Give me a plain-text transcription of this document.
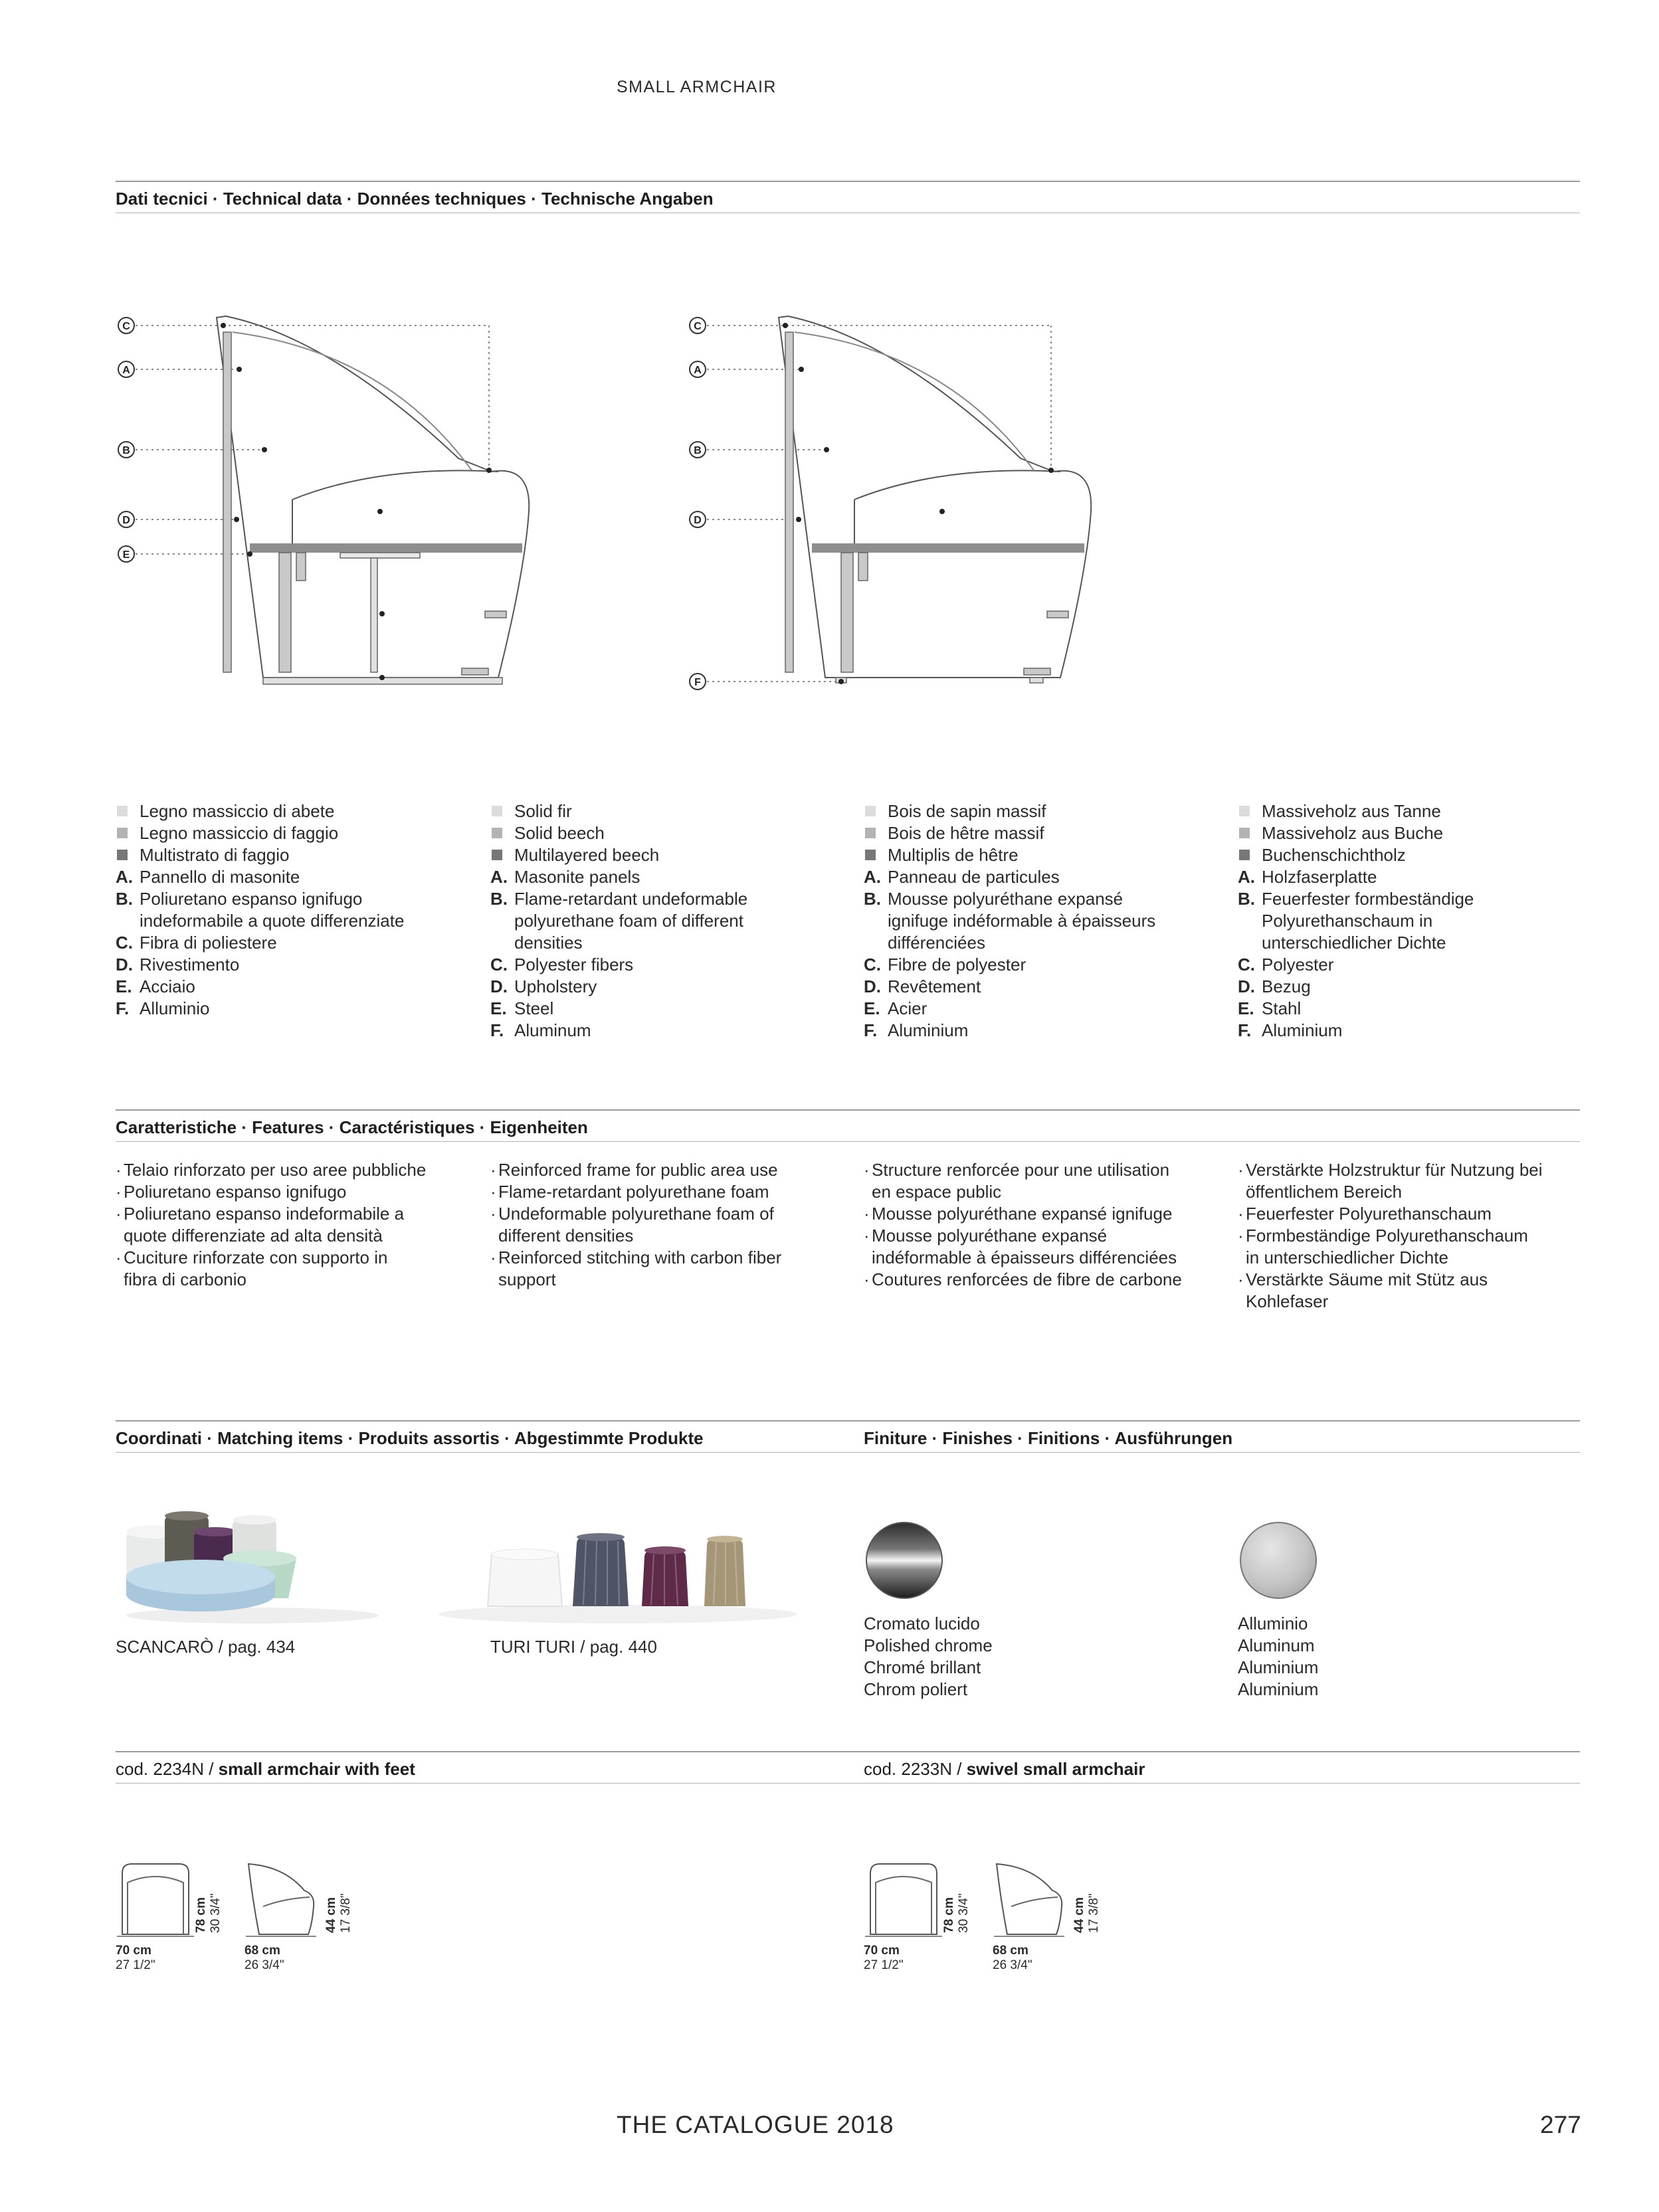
SMALL ARMCHAIR
Dati tecnici · Technical data · Données techniques · Technische Angaben
C
A
B
D
E
C
A
B
D
F
Legno massiccio di abete
Legno massiccio di faggio
Multistrato di faggio
A. Pannello di masonite
B. Poliuretano espanso ignifugo
indeformabile a quote differenziate
C. Fibra di poliestere
D. Rivestimento
E. Acciaio
F. Alluminio
Solid fir
Solid beech
Multilayered beech
A. Masonite panels
B. Flame-retardant undeformable
polyurethane foam of different
densities
C. Polyester fibers
D. Upholstery
E. Steel
F. Aluminum
Bois de sapin massif
Bois de hêtre massif
Multiplis de hêtre
A. Panneau de particules
B. Mousse polyuréthane expansé
ignifuge indéformable à épaisseurs
différenciées
C. Fibre de polyester
D. Revêtement
E. Acier
F. Aluminium
Massiveholz aus Tanne
Massiveholz aus Buche
Buchenschichtholz
A. Holzfaserplatte
B. Feuerfester formbeständige
Polyurethanschaum in
unterschiedlicher Dichte
C. Polyester
D. Bezug
E. Stahl
F. Aluminium
Caratteristiche · Features · Caractéristiques · Eigenheiten
· Telaio rinforzato per uso aree pubbliche
· Poliuretano espanso ignifugo
· Poliuretano espanso indeformabile a
quote differenziate ad alta densità
· Cuciture rinforzate con supporto in
fibra di carbonio
· Reinforced frame for public area use
· Flame-retardant polyurethane foam
· Undeformable polyurethane foam of
different densities
· Reinforced stitching with carbon fiber
support
· Structure renforcée pour une utilisation
en espace public
· Mousse polyuréthane expansé ignifuge
· Mousse polyuréthane expansé
indéformable à épaisseurs différenciées
· Coutures renforcées de fibre de carbone
· Verstärkte Holzstruktur für Nutzung bei
öffentlichem Bereich
· Feuerfester Polyurethanschaum
· Formbeständige Polyurethanschaum
in unterschiedlicher Dichte
· Verstärkte Säume mit Stütz aus
Kohlefaser
Coordinati · Matching items · Produits assortis · Abgestimmte Produkte	Finiture · Finishes · Finitions · Ausführungen
SCANCARÒ / pag. 434	TURI TURI / pag. 440
Cromato lucido
Polished chrome
Chromé brillant
Chrom poliert
Alluminio
Aluminum
Aluminium
Aluminium
cod. 2234N / small armchair with feet	cod. 2233N / swivel small armchair
78 cm
30 3/4"
70 cm
27 1/2"
44 cm
17 3/8"
68 cm
26 3/4"
78 cm
30 3/4"
70 cm
27 1/2"
44 cm
17 3/8"
68 cm
26 3/4"
THE CATALOGUE 2018	277
